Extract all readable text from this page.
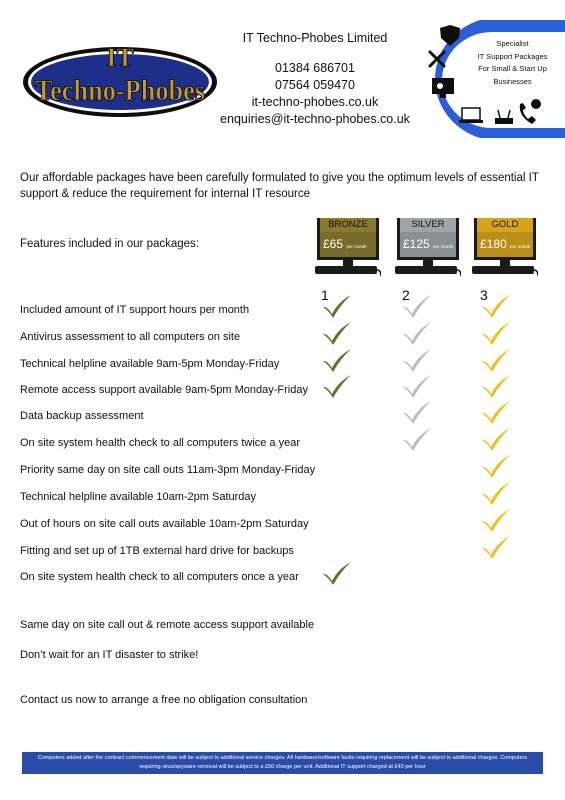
IT
Techno-Phobes
IT Techno-Phobes Limited
01384 686701
07564 059470
it-techno-phobes.co.uk
enquiries@it-techno-phobes.co.uk
Specialist
IT Support Packages
For Small & Start Up
Businesses
Our affordable packages have been carefully formulated to give you the optimum levels of essential IT support & reduce the requirement for internal IT resource
Features included in our packages:
BRONZE
£65 per month
SILVER
£125 per month
GOLD
£180 per month
Included amount of IT support hours per month
1	2	3
Antivirus assessment to all computers on site
Technical helpline available 9am-5pm Monday-Friday
Remote access support available 9am-5pm Monday-Friday
Data backup assessment
On site system health check to all computers twice a year
Priority same day on site call outs 11am-3pm Monday-Friday
Technical helpline available 10am-2pm Saturday
Out of hours on site call outs available 10am-2pm Saturday
Fitting and set up of 1TB external hard drive for backups
On site system health check to all computers once a year
Same day on site call out & remote access support available
Don’t wait for an IT disaster to strike!
Contact us now to arrange a free no obligation consultation
Computers added after the contract commencement date will be subject to additional service charges. All hardware/software faults requiring replacement will be subject to additional charges. Computers requiring virus/spyware removal will be subject to a £50 charge per unit. Additional IT support charged at £40 per hour
